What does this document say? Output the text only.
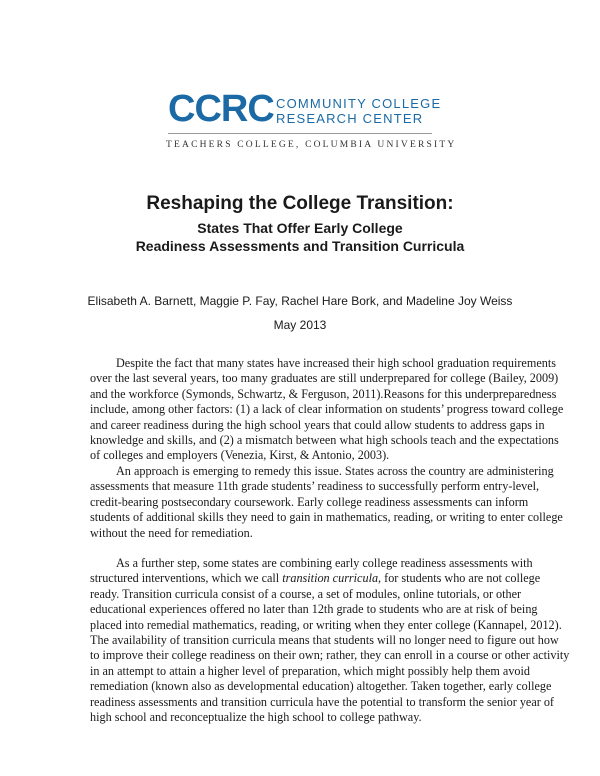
CCRC COMMUNITY COLLEGE
RESEARCH CENTER
TEACHERS COLLEGE, COLUMBIA UNIVERSITY
Reshaping the College Transition:
States That Offer Early College
Readiness Assessments and Transition Curricula
Elisabeth A. Barnett, Maggie P. Fay, Rachel Hare Bork, and Madeline Joy Weiss
May 2013
Despite the fact that many states have increased their high school graduation requirements
over the last several years, too many graduates are still underprepared for college (Bailey, 2009)
and the workforce (Symonds, Schwartz, & Ferguson, 2011).Reasons for this underpreparedness
include, among other factors: (1) a lack of clear information on students’ progress toward college
and career readiness during the high school years that could allow students to address gaps in
knowledge and skills, and (2) a mismatch between what high schools teach and the expectations
of colleges and employers (Venezia, Kirst, & Antonio, 2003).
An approach is emerging to remedy this issue. States across the country are administering
assessments that measure 11th grade students’ readiness to successfully perform entry-level,
credit-bearing postsecondary coursework. Early college readiness assessments can inform
students of additional skills they need to gain in mathematics, reading, or writing to enter college
without the need for remediation.
As a further step, some states are combining early college readiness assessments with
structured interventions, which we call transition curricula, for students who are not college
ready. Transition curricula consist of a course, a set of modules, online tutorials, or other
educational experiences offered no later than 12th grade to students who are at risk of being
placed into remedial mathematics, reading, or writing when they enter college (Kannapel, 2012).
The availability of transition curricula means that students will no longer need to figure out how
to improve their college readiness on their own; rather, they can enroll in a course or other activity
in an attempt to attain a higher level of preparation, which might possibly help them avoid
remediation (known also as developmental education) altogether. Taken together, early college
readiness assessments and transition curricula have the potential to transform the senior year of
high school and reconceptualize the high school to college pathway.
